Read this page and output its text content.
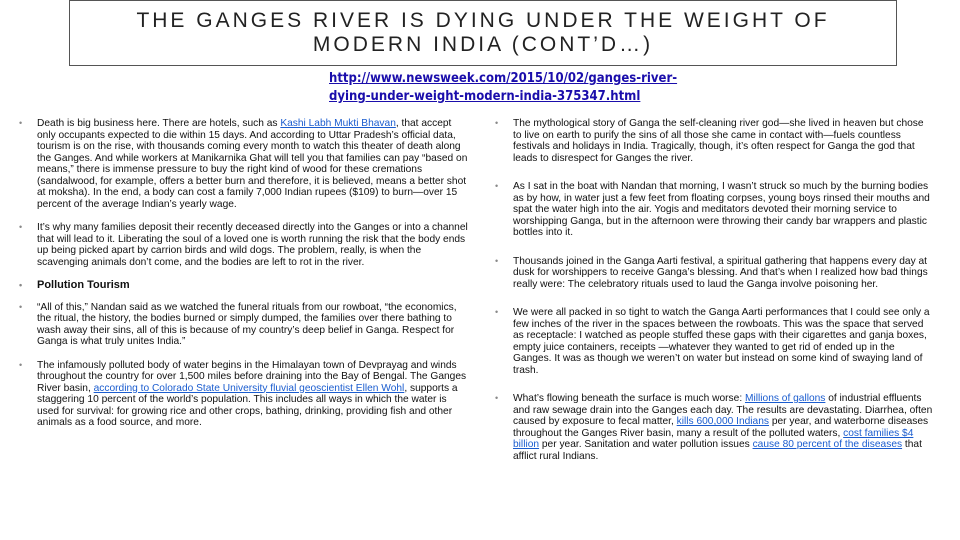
THE GANGES RIVER IS DYING UNDER THE WEIGHT OF
MODERN INDIA (CONT’D…)
http://www.newsweek.com/2015/10/02/ganges-river-
dying-under-weight-modern-india-375347.html
• Death is big business here. There are hotels, such as Kashi Labh Mukti Bhavan, that accept only occupants expected to die within 15 days. And according to Uttar Pradesh’s official data, tourism is on the rise, with thousands coming every month to watch this theater of death along the Ganges. And while workers at Manikarnika Ghat will tell you that families can pay “based on means,” there is immense pressure to buy the right kind of wood for these cremations (sandalwood, for example, offers a better burn and therefore, it is believed, means a better shot at moksha). In the end, a body can cost a family 7,000 Indian rupees ($109) to burn—over 15 percent of the average Indian’s yearly wage.
• It’s why many families deposit their recently deceased directly into the Ganges or into a channel that will lead to it. Liberating the soul of a loved one is worth running the risk that the body ends up being picked apart by carrion birds and wild dogs. The problem, really, is when the scavenging animals don’t come, and the bodies are left to rot in the river.
• Pollution Tourism
• “All of this,” Nandan said as we watched the funeral rituals from our rowboat, “the economics, the ritual, the history, the bodies burned or simply dumped, the families over there bathing to wash away their sins, all of this is because of my country’s deep belief in Ganga. Respect for Ganga is what truly unites India.”
• The infamously polluted body of water begins in the Himalayan town of Devprayag and winds throughout the country for over 1,500 miles before draining into the Bay of Bengal. The Ganges River basin, according to Colorado State University fluvial geoscientist Ellen Wohl, supports a staggering 10 percent of the world’s population. This includes all ways in which the water is used for survival: for growing rice and other crops, bathing, drinking, providing fish and other animals as a food source, and more.
• The mythological story of Ganga the self-cleaning river god—she lived in heaven but chose to live on earth to purify the sins of all those she came in contact with—fuels countless festivals and holidays in India. Tragically, though, it’s often respect for Ganga the god that leads to disrespect for Ganges the river.
• As I sat in the boat with Nandan that morning, I wasn’t struck so much by the burning bodies as by how, in water just a few feet from floating corpses, young boys rinsed their mouths and spat the water high into the air. Yogis and meditators devoted their morning service to worshipping Ganga, but in the afternoon were throwing their candy bar wrappers and plastic bottles into it.
• Thousands joined in the Ganga Aarti festival, a spiritual gathering that happens every day at dusk for worshippers to receive Ganga’s blessing. And that’s when I realized how bad things really were: The celebratory rituals used to laud the Ganga involve poisoning her.
• We were all packed in so tight to watch the Ganga Aarti performances that I could see only a few inches of the river in the spaces between the rowboats. This was the space that served as receptacle: I watched as people stuffed these gaps with their cigarettes and ganja boxes, empty juice containers, receipts —whatever they wanted to get rid of ended up in the Ganges. It was as though we weren’t on water but instead on some kind of swaying land of trash.
• What’s flowing beneath the surface is much worse: Millions of gallons of industrial effluents and raw sewage drain into the Ganges each day. The results are devastating. Diarrhea, often caused by exposure to fecal matter, kills 600,000 Indians per year, and waterborne diseases throughout the Ganges River basin, many a result of the polluted waters, cost families $4 billion per year. Sanitation and water pollution issues cause 80 percent of the diseases that afflict rural Indians.
